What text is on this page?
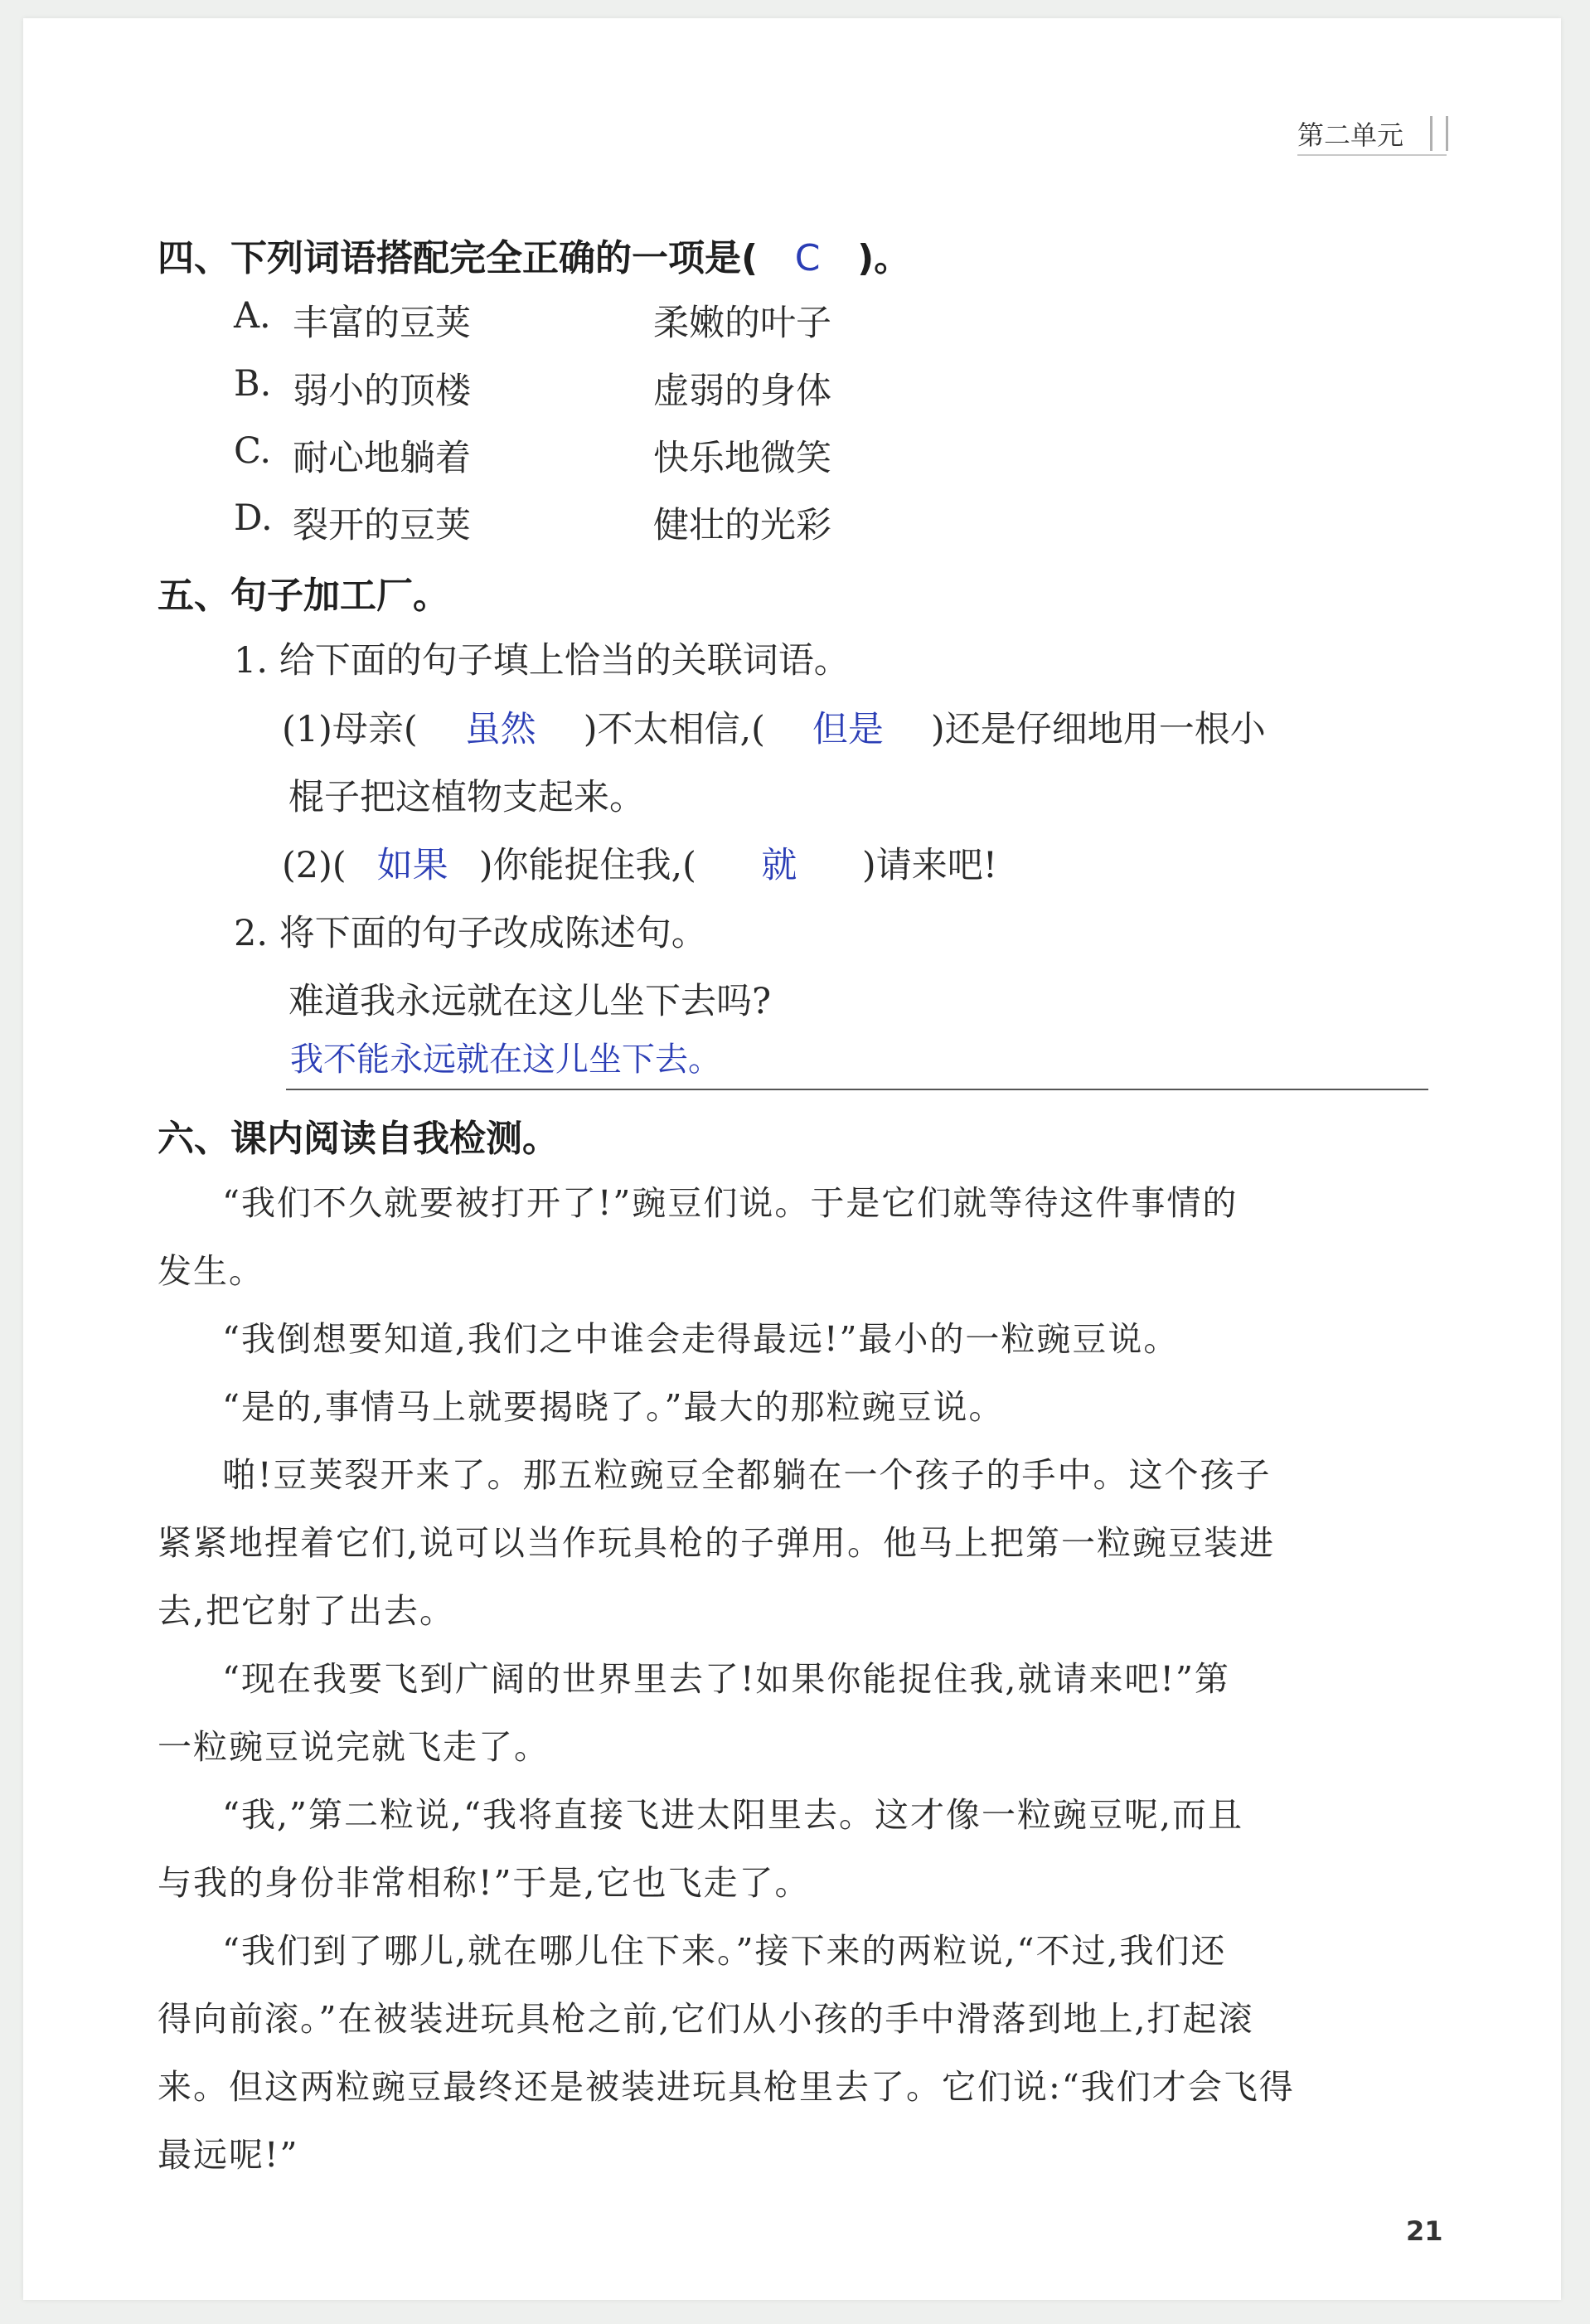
第二单元
四、下列词语搭配完全正确的一项是( C )。
A. 丰富的豆荚	柔嫩的叶子
B. 弱小的顶楼	虚弱的身体
C. 耐心地躺着	快乐地微笑
D. 裂开的豆荚	健壮的光彩
五、句子加工厂。
1. 给下面的句子填上恰当的关联词语。
(1)母亲( 虽然 )不太相信,( 但是 )还是仔细地用一根小
棍子把这植物支起来。
(2)( 如果 )你能捉住我,( 就 )请来吧!
2. 将下面的句子改成陈述句。
难道我永远就在这儿坐下去吗?
我不能永远就在这儿坐下去。
六、课内阅读自我检测。
“我们不久就要被打开了!”豌豆们说。于是它们就等待这件事情的
发生。
“我倒想要知道,我们之中谁会走得最远!”最小的一粒豌豆说。
“是的,事情马上就要揭晓了。”最大的那粒豌豆说。
啪!豆荚裂开来了。那五粒豌豆全都躺在一个孩子的手中。这个孩子
紧紧地捏着它们,说可以当作玩具枪的子弹用。他马上把第一粒豌豆装进
去,把它射了出去。
“现在我要飞到广阔的世界里去了!如果你能捉住我,就请来吧!”第
一粒豌豆说完就飞走了。
“我,”第二粒说,“我将直接飞进太阳里去。这才像一粒豌豆呢,而且
与我的身份非常相称!”于是,它也飞走了。
“我们到了哪儿,就在哪儿住下来。”接下来的两粒说,“不过,我们还
得向前滚。”在被装进玩具枪之前,它们从小孩的手中滑落到地上,打起滚
来。但这两粒豌豆最终还是被装进玩具枪里去了。它们说:“我们才会飞得
最远呢!”
21
